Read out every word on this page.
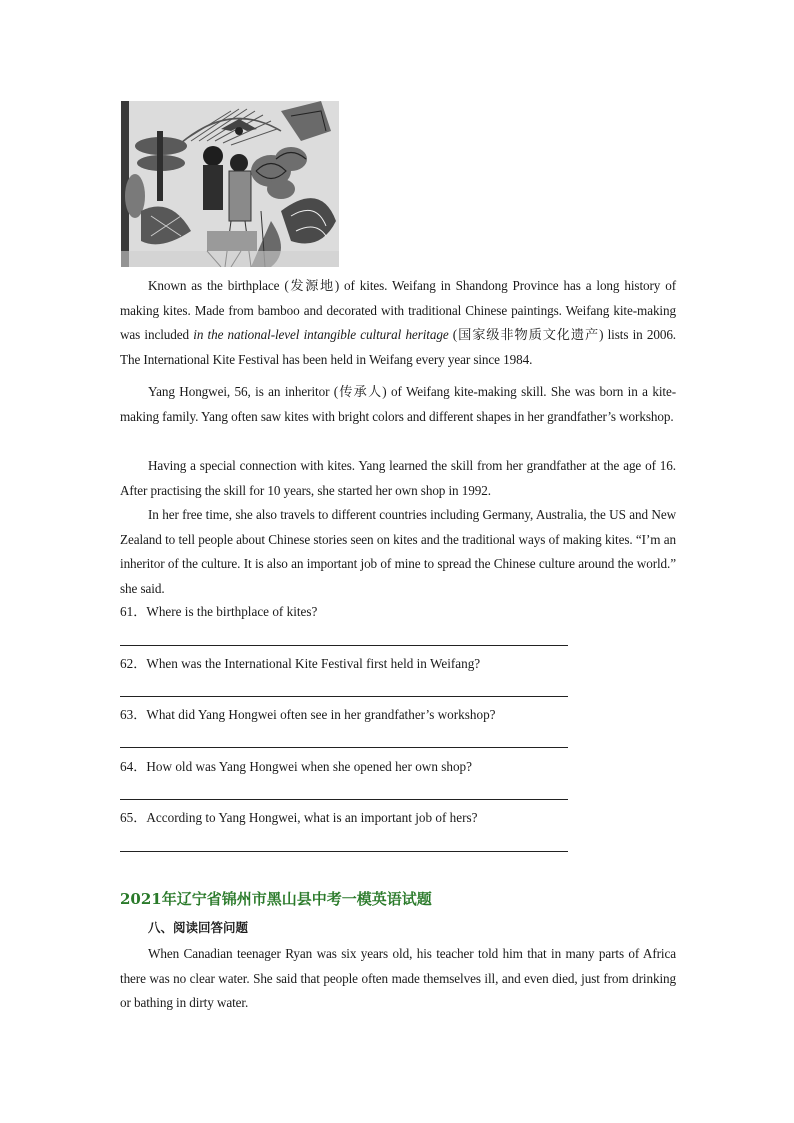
Known as the birthplace (发源地) of kites. Weifang in Shandong Province has a long history of making kites. Made from bamboo and decorated with traditional Chinese paintings. Weifang kite-making was included in the national-level intangible cultural heritage (国家级非物质文化遗产) lists in 2006. The International Kite Festival has been held in Weifang every year since 1984.

Yang Hongwei, 56, is an inheritor (传承人) of Weifang kite-making skill. She was born in a kite-making family. Yang often saw kites with bright colors and different shapes in her grandfather’s workshop.

Having a special connection with kites. Yang learned the skill from her grandfather at the age of 16. After practising the skill for 10 years, she started her own shop in 1992.

In her free time, she also travels to different countries including Germany, Australia, the US and New Zealand to tell people about Chinese stories seen on kites and the traditional ways of making kites. “I’m an inheritor of the culture. It is also an important job of mine to spread the Chinese culture around the world.” she said.

61．Where is the birthplace of kites?

62．When was the International Kite Festival first held in Weifang?

63．What did Yang Hongwei often see in her grandfather’s workshop?

64．How old was Yang Hongwei when she opened her own shop?

65．According to Yang Hongwei, what is an important job of hers?

2021年辽宁省锦州市黑山县中考一模英语试题

八、阅读回答问题

When Canadian teenager Ryan was six years old, his teacher told him that in many parts of Africa there was no clear water. She said that people often made themselves ill, and even died, just from drinking or bathing in dirty water.
